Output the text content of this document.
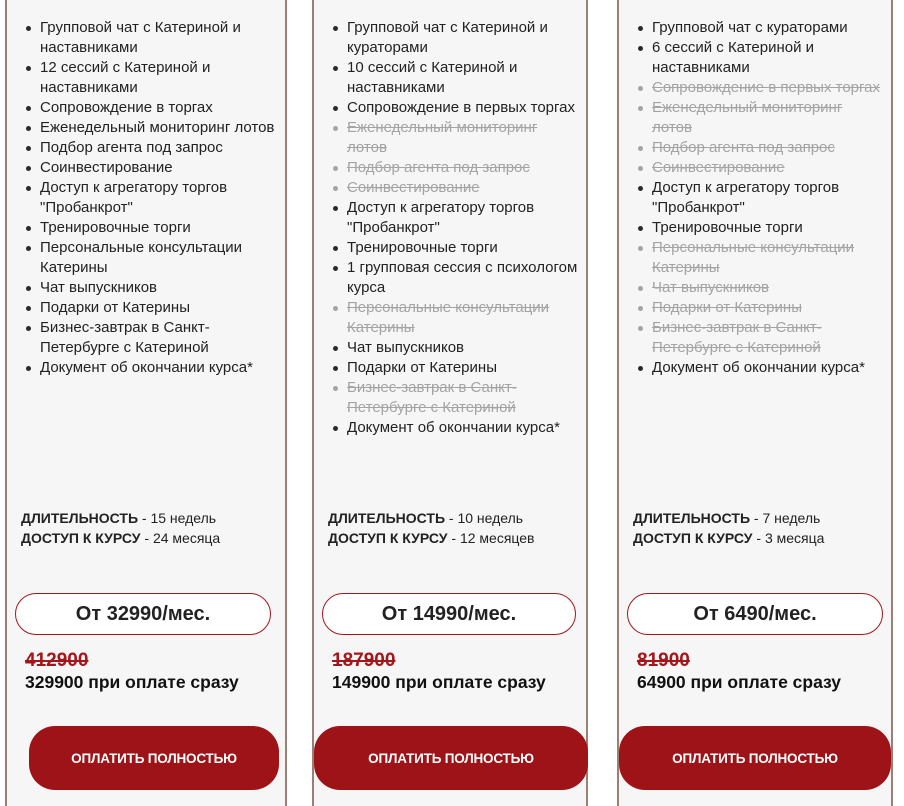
Групповой чат с Катериной и наставниками
12 сессий с Катериной и наставниками
Сопровождение в торгах
Еженедельный мониторинг лотов
Подбор агента под запрос
Соинвестирование
Доступ к агрегатору торгов "Пробанкрот"
Тренировочные торги
Персональные консультации Катерины
Чат выпускников
Подарки от Катерины
Бизнес-завтрак в Санкт-Петербурге с Катериной
Документ об окончании курса*
ДЛИТЕЛЬНОСТЬ - 15 недель
ДОСТУП К КУРСУ - 24 месяца
От 32990/мес.
412900
329900 при оплате сразу
ОПЛАТИТЬ ПОЛНОСТЬЮ
Групповой чат с Катериной и кураторами
10 сессий с Катериной и наставниками
Сопровождение в первых торгах
Еженедельный мониторинг лотов
Подбор агента под запрос
Соинвестирование
Доступ к агрегатору торгов "Пробанкрот"
Тренировочные торги
1 групповая сессия с психологом курса
Персональные консультации Катерины
Чат выпускников
Подарки от Катерины
Бизнес-завтрак в Санкт-Петербурге с Катериной
Документ об окончании курса*
ДЛИТЕЛЬНОСТЬ - 10 недель
ДОСТУП К КУРСУ - 12 месяцев
От 14990/мес.
187900
149900 при оплате сразу
ОПЛАТИТЬ ПОЛНОСТЬЮ
Групповой чат с кураторами
6 сессий с Катериной и наставниками
Сопровождение в первых торгах
Еженедельный мониторинг лотов
Подбор агента под запрос
Соинвестирование
Доступ к агрегатору торгов "Пробанкрот"
Тренировочные торги
Персональные консультации Катерины
Чат выпускников
Подарки от Катерины
Бизнес-завтрак в Санкт-Петербурге с Катериной
Документ об окончании курса*
ДЛИТЕЛЬНОСТЬ - 7 недель
ДОСТУП К КУРСУ - 3 месяца
От 6490/мес.
81900
64900 при оплате сразу
ОПЛАТИТЬ ПОЛНОСТЬЮ
